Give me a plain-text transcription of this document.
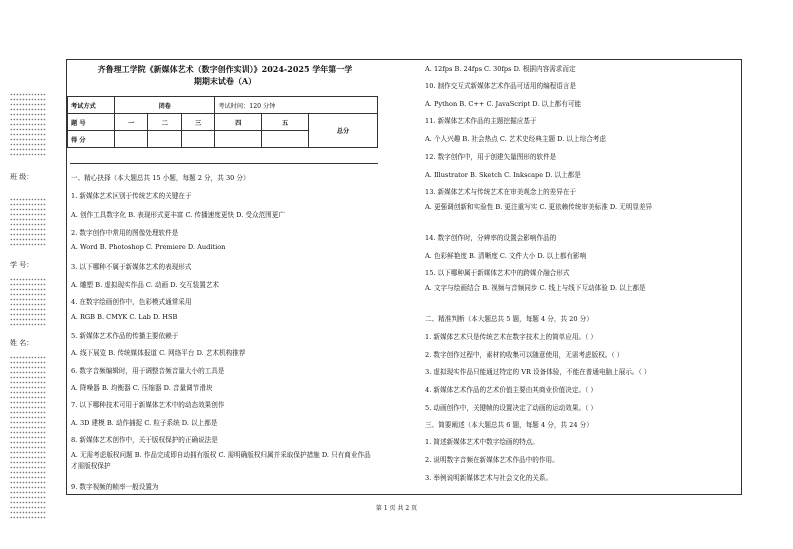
************
************
************
************
************
************
************
************
************
************
************
************
************
班 级：
************
************
************
************
************
************
************
************
************
************
学 号：
************
************
************
************
************
************
************
************
************
************
姓 名：
************
************
************
************
************
************
************
************
************
************
************
************
************
************
************
************
************
************
************
************
************
************
************
************
************
************
************
************
************
************
************
************
************
齐鲁理工学院《新媒体艺术（数字创作实训）》2024-2025 学年第一学
期期末试卷（A）
考试方式	闭卷			考试时间：120 分钟		
题 号	一	二	三	四	五	总分
得 分						
一、精心抉择（本大题总共 15 小题，每题 2 分，共 30 分）
1. 新媒体艺术区别于传统艺术的关键在于
A. 创作工具数字化 B. 表现形式更丰富 C. 传播速度更快 D. 受众范围更广
2. 数字创作中常用的图像处理软件是
A. Word B. Photoshop C. Premiere D. Audition
3. 以下哪种不属于新媒体艺术的表现形式
A. 雕塑 B. 虚拟现实作品 C. 动画 D. 交互装置艺术
4. 在数字绘画创作中，色彩模式通常采用
A. RGB B. CMYK C. Lab D. HSB
5. 新媒体艺术作品的传播主要依赖于
A. 线下展览 B. 传统媒体报道 C. 网络平台 D. 艺术机构推荐
6. 数字音频编辑时，用于调整音频音量大小的工具是
A. 降噪器 B. 均衡器 C. 压缩器 D. 音量调节滑块
7. 以下哪种技术可用于新媒体艺术中的动态效果创作
A. 3D 建模 B. 动作捕捉 C. 粒子系统 D. 以上都是
8. 新媒体艺术创作中，关于版权保护的正确说法是
A. 无需考虑版权问题 B. 作品完成即自动拥有版权 C. 需明确版权归属并采取保护措施 D. 只有商业作品才需版权保护
9. 数字视频的帧率一般设置为
A. 12fps B. 24fps C. 30fps D. 根据内容需求而定
10. 制作交互式新媒体艺术作品可适用的编程语言是
A. Python B. C++ C. JavaScript D. 以上都有可能
11. 新媒体艺术作品的主题挖掘应基于
A. 个人兴趣 B. 社会热点 C. 艺术史经典主题 D. 以上综合考虑
12. 数字创作中，用于创建矢量图形的软件是
A. Illustrator B. Sketch C. Inkscape D. 以上都是
13. 新媒体艺术与传统艺术在审美观念上的差异在于
A. 更强调创新和实验性 B. 更注重写实 C. 更依赖传统审美标准 D. 无明显差异
14. 数字创作时，分辨率的设置会影响作品的
A. 色彩鲜艳度 B. 清晰度 C. 文件大小 D. 以上都有影响
15. 以下哪种属于新媒体艺术中的跨媒介融合形式
A. 文字与绘画结合 B. 视频与音频同步 C. 线上与线下互动体验 D. 以上都是
二、精准判断（本大题总共 5 题，每题 4 分，共 20 分）
1. 新媒体艺术只是传统艺术在数字技术上的简单应用。（ ）
2. 数字创作过程中，素材的收集可以随意使用，无需考虑版权。（ ）
3. 虚拟现实作品只能通过特定的 VR 设备体验，不能在普通电脑上展示。（ ）
4. 新媒体艺术作品的艺术价值主要由其商业价值决定。（ ）
5. 动画创作中，关键帧的设置决定了动画的运动效果。（ ）
三、简要阐述（本大题总共 6 题，每题 4 分，共 24 分）
1. 简述新媒体艺术中数字绘画的特点。
2. 说明数字音频在新媒体艺术作品中的作用。
3. 举例说明新媒体艺术与社会文化的关系。
第 1 页 共 2 页
